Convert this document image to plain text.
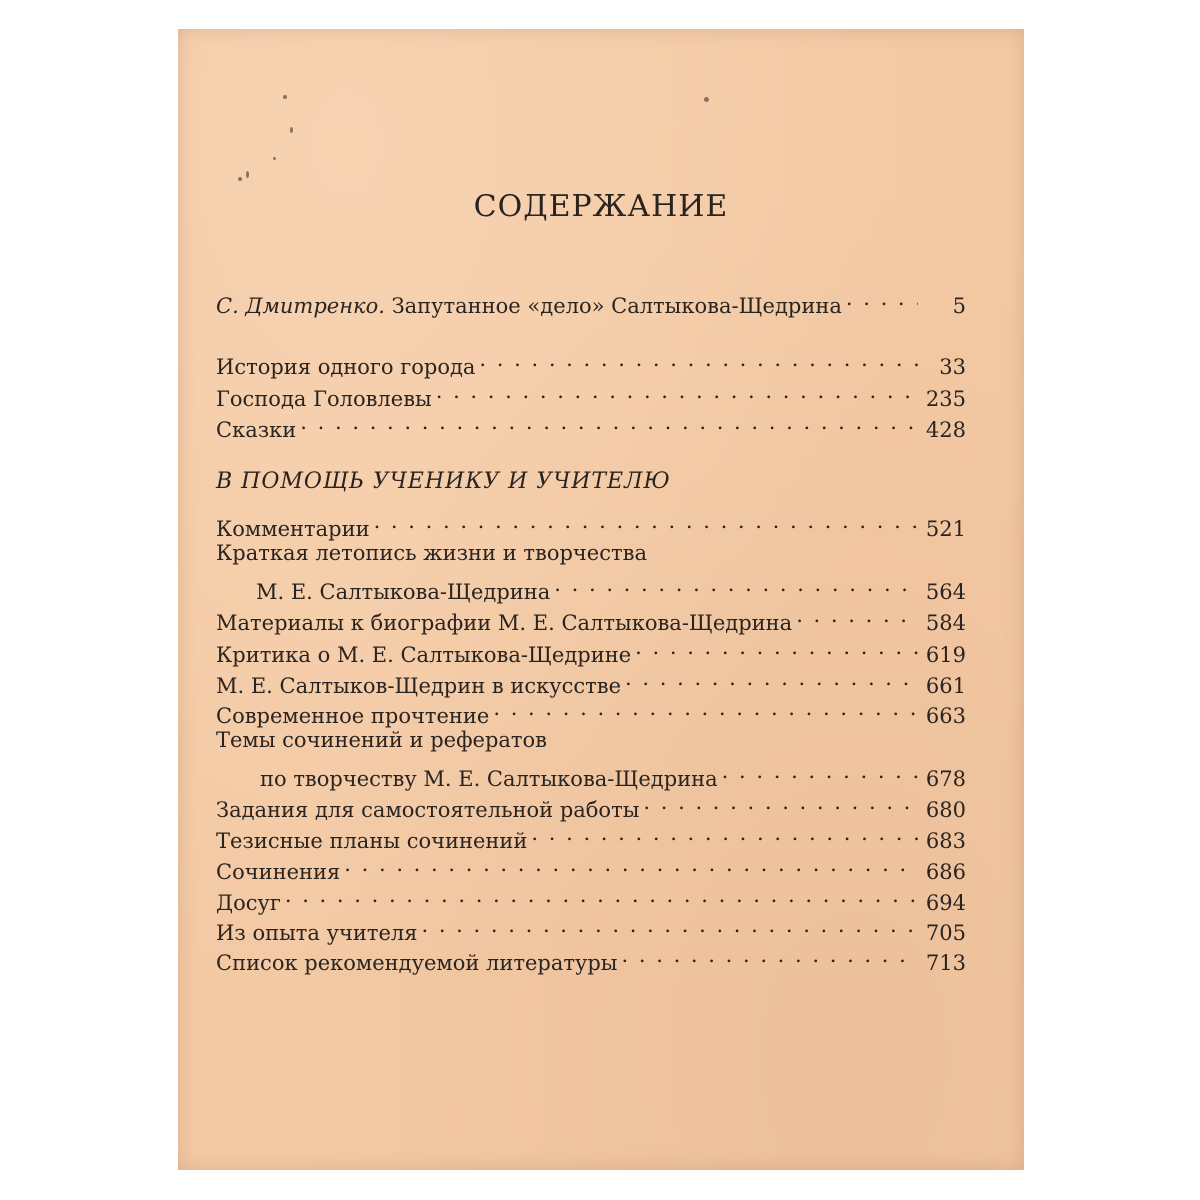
СОДЕРЖАНИЕ
С. Дмитренко. Запутанное «дело» Салтыкова-Щедрина . . .	5
История одного города . . .	33
Господа Головлевы . . .	235
Сказки . . .	428
В ПОМОЩЬ УЧЕНИКУ И УЧИТЕЛЮ
Комментарии . . .	521
Краткая летопись жизни и творчества
М. Е. Салтыкова-Щедрина . . .	564
Материалы к биографии М. Е. Салтыкова-Щедрина . . .	584
Критика о М. Е. Салтыкова-Щедрине . . .	619
М. Е. Салтыков-Щедрин в искусстве . . .	661
Современное прочтение . . .	663
Темы сочинений и рефератов
по творчеству М. Е. Салтыкова-Щедрина . . .	678
Задания для самостоятельной работы . . .	680
Тезисные планы сочинений . . .	683
Сочинения . . .	686
Досуг . . .	694
Из опыта учителя . . .	705
Список рекомендуемой литературы . . .	713
